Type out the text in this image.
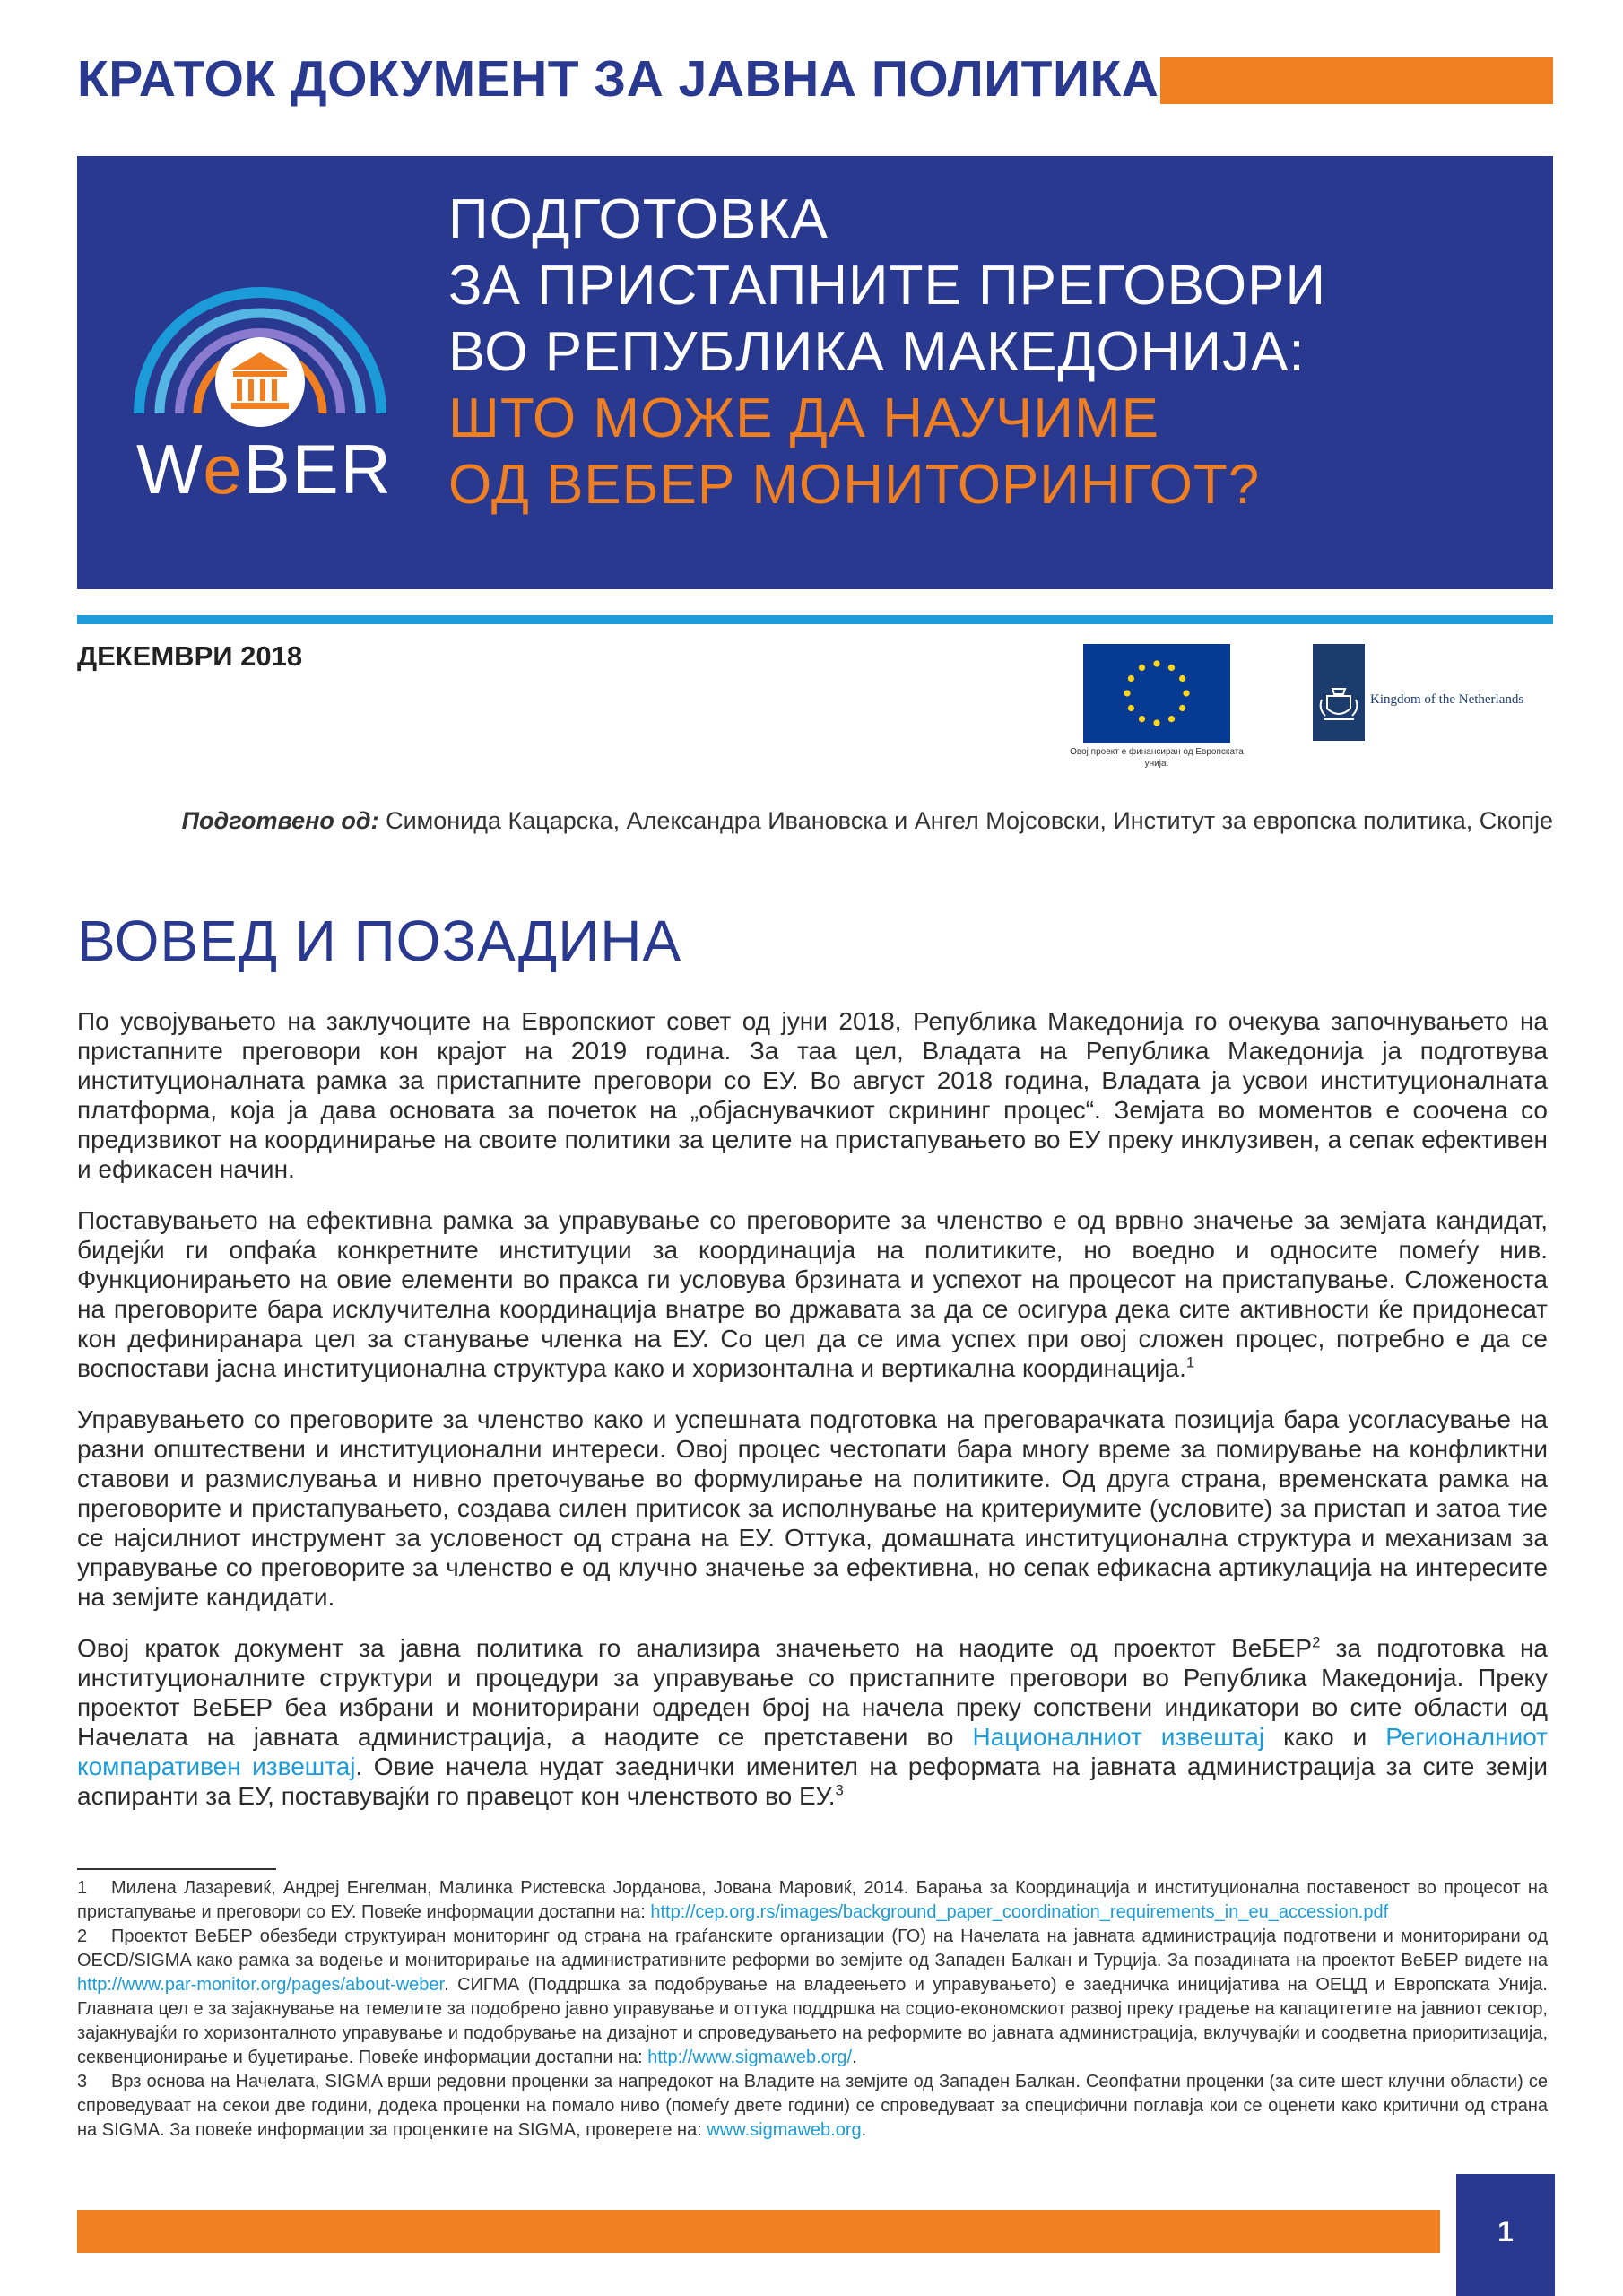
КРАТОК ДОКУМЕНТ ЗА ЈАВНА ПОЛИТИКА
WeBER
ПОДГОТОВКА
ЗА ПРИСТАПНИТЕ ПРЕГОВОРИ
ВО РЕПУБЛИКА МАКЕДОНИЈА:
ШТО МОЖЕ ДА НАУЧИМЕ
ОД ВЕБЕР МОНИТОРИНГОТ?
ДЕКЕМВРИ 2018
Овој проект е финансиран од Европската унија.
Kingdom of the Netherlands
Подготвено од: Симонида Кацарска, Александра Ивановска и Ангел Мојсовски, Институт за европска политика, Скопје
ВОВЕД И ПОЗАДИНА

По усвојувањето на заклучоците на Европскиот совет од јуни 2018, Република Македонија го очекува започнувањето на пристапните преговори кон крајот на 2019 година. За таа цел, Владата на Република Македонија ја подготвува институционалната рамка за пристапните преговори со ЕУ. Во август 2018 година, Владата ја усвои институционалната платформа, која ја дава основата за почеток на „објаснувачкиот скрининг процес“. Земјата во моментов е соочена со предизвикот на координирање на своите политики за целите на пристапувањето во ЕУ преку инклузивен, а сепак ефективен и ефикасен начин.

Поставувањето на ефективна рамка за управување со преговорите за членство е од врвно значење за земјата кандидат, бидејќи ги опфаќа конкретните институции за координација на политиките, но воедно и односите помеѓу нив. Функционирањето на овие елементи во пракса ги условува брзината и успехот на процесот на пристапување. Сложеноста на преговорите бара исклучителна координација внатре во државата за да се осигура дека сите активности ќе придонесат кон дефиниранара цел за станување членка на ЕУ. Со цел да се има успех при овој сложен процес, потребно е да се воспостави јасна институционална структура како и хоризонтална и вертикална координација.$^1$

Управувањето со преговорите за членство како и успешната подготовка на преговарачката позиција бара усогласување на разни општествени и институционални интереси. Овој процес честопати бара многу време за помирување на конфликтни ставови и размислувања и нивно преточување во формулирање на политиките. Од друга страна, временската рамка на преговорите и пристапувањето, создава силен притисок за исполнување на критериумите (условите) за пристап и затоа тие се најсилниот инструмент за условеност од страна на ЕУ. Оттука, домашната институционална структура и механизам за управување со преговорите за членство е од клучно значење за ефективна, но сепак ефикасна артикулација на интересите на земјите кандидати.

Овој краток документ за јавна политика го анализира значењето на наодите од проектот ВеБЕР$^2$ за подготовка на институционалните структури и процедури за управување со пристапните преговори во Република Македонија. Преку проектот ВеБЕР беа избрани и мониторирани одреден број на начела преку сопствени индикатори во сите области од Начелата на јавната администрација, а наодите се претставени во Националниот извештај како и Регионалниот компаративен извештај. Овие начела нудат заеднички именител на реформата на јавната администрација за сите земји аспиранти за ЕУ, поставувајќи го правецот кон членството во ЕУ.$^3$

1 Милена Лазаревиќ, Андреј Енгелман, Малинка Ристевска Јорданова, Јована Маровиќ, 2014. Барања за Координација и институционална поставеност во процесот на пристапување и преговори со ЕУ. Повеќе информации достапни на: http://cep.org.rs/images/background_paper_coordination_requirements_in_eu_accession.pdf

2 Проектот ВеБЕР обезбеди структуиран мониторинг од страна на граѓанските организации (ГО) на Начелата на јавната администрација подготвени и мониторирани од OECD/SIGMA како рамка за водење и мониторирање на административните реформи во земјите од Западен Балкан и Турција. За позадината на проектот ВеБЕР видете на http://www.par-monitor.org/pages/about-weber. СИГМА (Поддршка за подобрување на владеењето и управувањето) е заедничка иницијатива на ОЕЦД и Европската Унија. Главната цел е за зајакнување на темелите за подобрено јавно управување и оттука поддршка на социо-економскиот развој преку градење на капацитетите на јавниот сектор, зајакнувајќи го хоризонталното управување и подобрување на дизајнот и спроведувањето на реформите во јавната администрација, вклучувајќи и соодветна приоритизација, секвенционирање и буџетирање. Повеќе информации достапни на: http://www.sigmaweb.org/.

3 Врз основа на Начелата, SIGMA врши редовни проценки за напредокот на Владите на земјите од Западен Балкан. Сеопфатни проценки (за сите шест клучни области) се спроведуваат на секои две години, додека проценки на помало ниво (помеѓу двете години) се спроведуваат за специфични поглавја кои се оценети како критични од страна на SIGMA. За повеќе информации за проценките на SIGMA, проверете на: www.sigmaweb.org.

1
